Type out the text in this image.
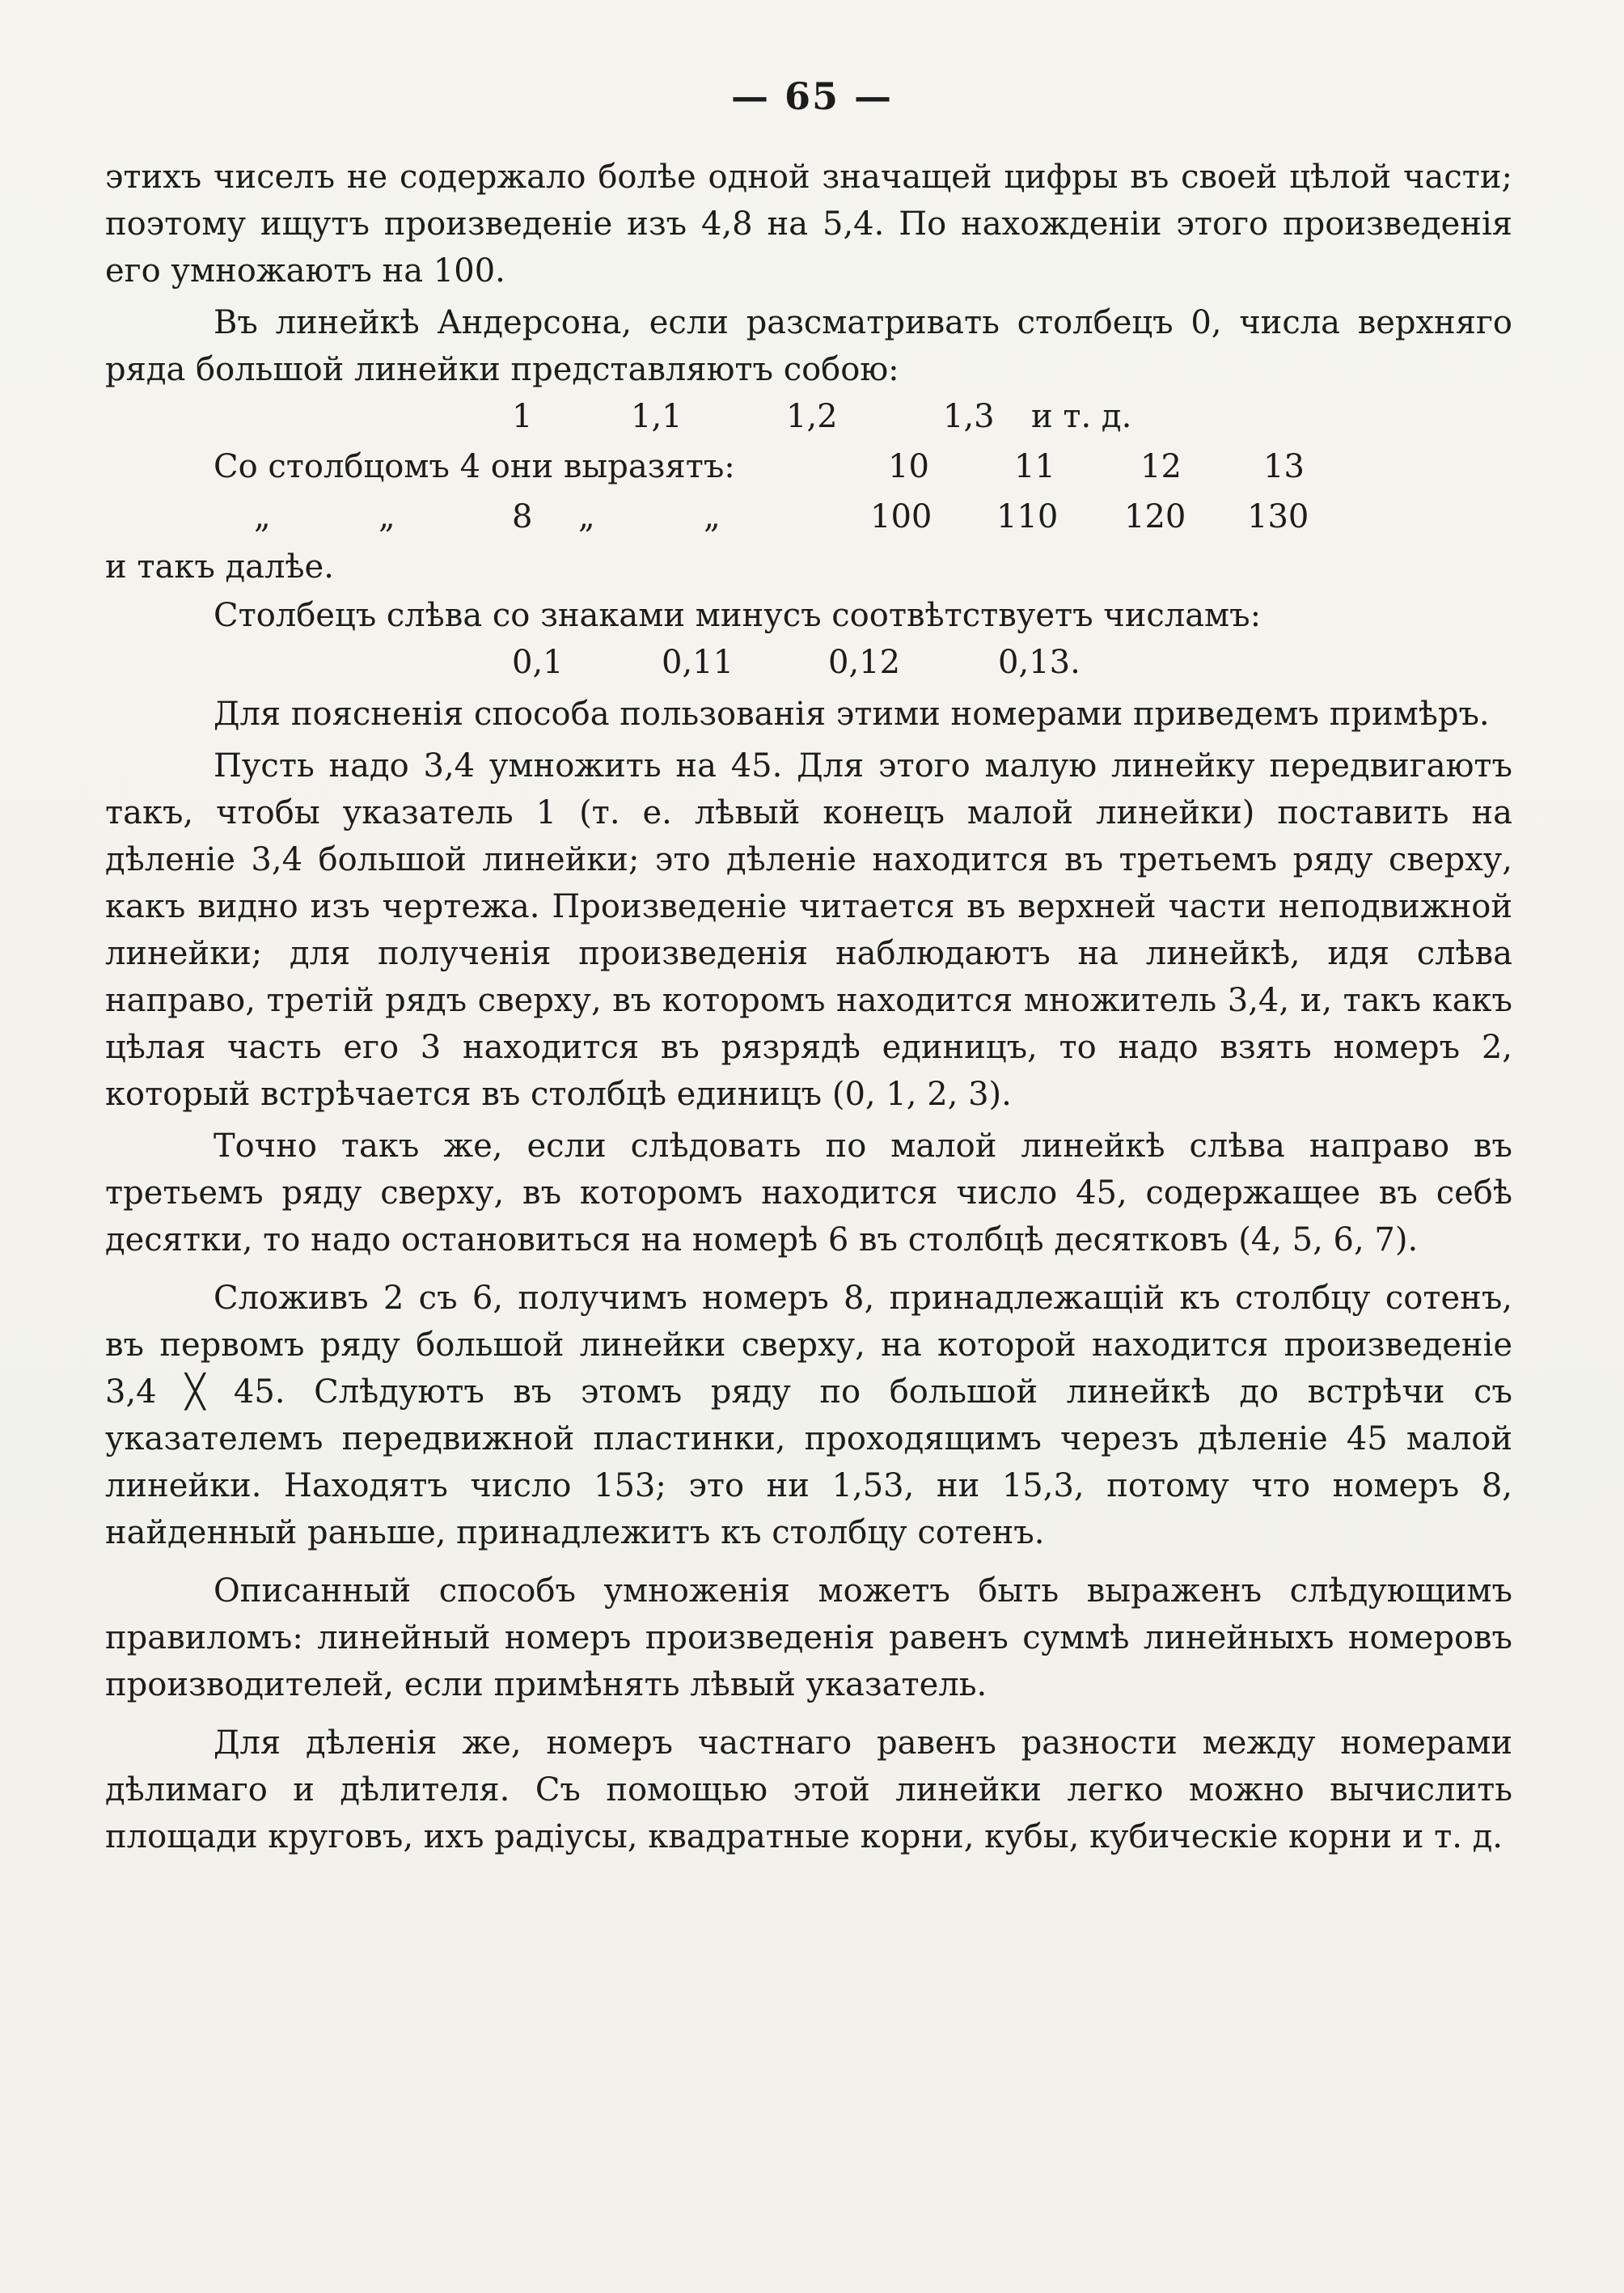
— 65 —

этихъ чиселъ не содержало болѣе одной значащей цифры въ своей цѣлой части; поэтому ищутъ произведеніе изъ 4,8 на 5,4. По нахожденіи этого произведенія его умножаютъ на 100.

Въ линейкѣ Андерсона, если разсматривать столбецъ 0, числа верхняго ряда большой линейки представляютъ собою:

1	1,1	1,2	1,3 и т. д.
Со столбцомъ 4 они выразятъ:	10	11	12	13
„	„	8 „	„	100 110 120 130

и такъ далѣе.

Столбецъ слѣва со знаками минусъ соотвѣтствуетъ числамъ:

0,1	0,11	0,12	0,13.

Для поясненія способа пользованія этими номерами приведемъ примѣръ.

Пусть надо 3,4 умножить на 45. Для этого малую линейку передвигаютъ такъ, чтобы указатель 1 (т. е. лѣвый конецъ малой линейки) поставить на дѣленіе 3,4 большой линейки; это дѣленіе находится въ третьемъ ряду сверху, какъ видно изъ чертежа. Произведеніе читается въ верхней части неподвижной линейки; для полученія произведенія наблюдаютъ на линейкѣ, идя слѣва направо, третій рядъ сверху, въ которомъ находится множитель 3,4, и, такъ какъ цѣлая часть его 3 находится въ рязрядѣ единицъ, то надо взять номеръ 2, который встрѣчается въ столбцѣ единицъ (0, 1, 2, 3).

Точно такъ же, если слѣдовать по малой линейкѣ слѣва направо въ третьемъ ряду сверху, въ которомъ находится число 45, содержащее въ себѣ десятки, то надо остановиться на номерѣ 6 въ столбцѣ десятковъ (4, 5, 6, 7).

Сложивъ 2 съ 6, получимъ номеръ 8, принадлежащій къ столбцу сотенъ, въ первомъ ряду большой линейки сверху, на которой находится произведеніе 3,4 ╳ 45. Слѣдуютъ въ этомъ ряду по большой линейкѣ до встрѣчи съ указателемъ передвижной пластинки, проходящимъ черезъ дѣленіе 45 малой линейки. Находятъ число 153; это ни 1,53, ни 15,3, потому что номеръ 8, найденный раньше, принадлежитъ къ столбцу сотенъ.

Описанный способъ умноженія можетъ быть выраженъ слѣдующимъ правиломъ: линейный номеръ произведенія равенъ суммѣ линейныхъ номеровъ производителей, если примѣнять лѣвый указатель.

Для дѣленія же, номеръ частнаго равенъ разности между номерами дѣлимаго и дѣлителя. Съ помощью этой линейки легко можно вычислить площади круговъ, ихъ радіусы, квадратные корни, кубы, кубическіе корни и т. д.
